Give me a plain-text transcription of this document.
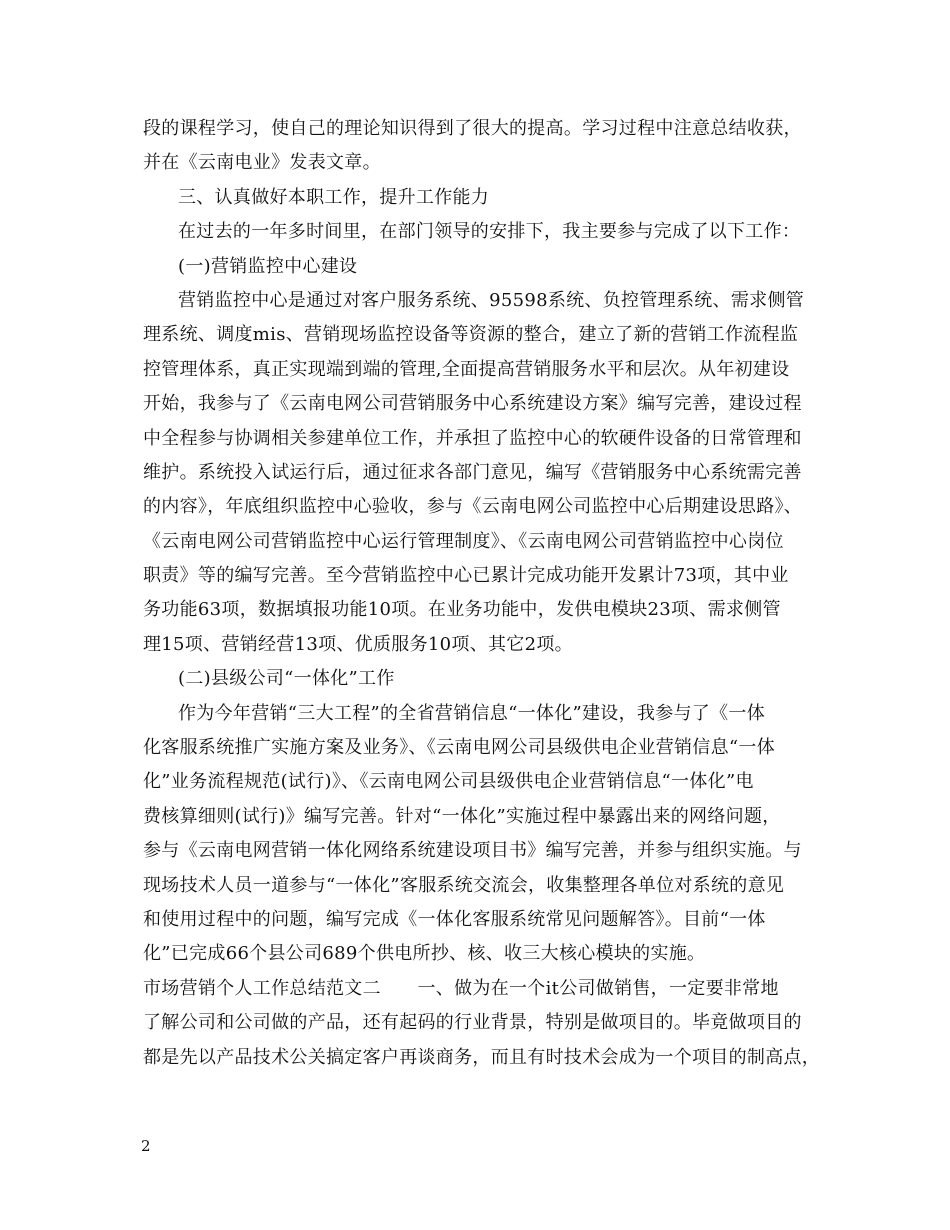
段的课程学习，使自己的理论知识得到了很大的提高。学习过程中注意总结收获，
并在《云南电业》发表文章。
三、认真做好本职工作，提升工作能力
在过去的一年多时间里，在部门领导的安排下，我主要参与完成了以下工作：
(一)营销监控中心建设
营销监控中心是通过对客户服务系统、95598系统、负控管理系统、需求侧管
理系统、调度mis、营销现场监控设备等资源的整合，建立了新的营销工作流程监
控管理体系，真正实现端到端的管理,全面提高营销服务水平和层次。从年初建设
开始，我参与了《云南电网公司营销服务中心系统建设方案》编写完善，建设过程
中全程参与协调相关参建单位工作，并承担了监控中心的软硬件设备的日常管理和
维护。系统投入试运行后，通过征求各部门意见，编写《营销服务中心系统需完善
的内容》，年底组织监控中心验收，参与《云南电网公司监控中心后期建设思路》、
《云南电网公司营销监控中心运行管理制度》、《云南电网公司营销监控中心岗位
职责》等的编写完善。至今营销监控中心已累计完成功能开发累计73项，其中业
务功能63项，数据填报功能10项。在业务功能中，发供电模块23项、需求侧管
理15项、营销经营13项、优质服务10项、其它2项。
(二)县级公司“一体化”工作
作为今年营销“三大工程”的全省营销信息“一体化”建设，我参与了《一体
化客服系统推广实施方案及业务》、《云南电网公司县级供电企业营销信息“一体
化”业务流程规范(试行)》、《云南电网公司县级供电企业营销信息“一体化”电
费核算细则(试行)》编写完善。针对“一体化”实施过程中暴露出来的网络问题，
参与《云南电网营销一体化网络系统建设项目书》编写完善，并参与组织实施。与
现场技术人员一道参与“一体化”客服系统交流会，收集整理各单位对系统的意见
和使用过程中的问题，编写完成《一体化客服系统常见问题解答》。目前“一体
化”已完成66个县公司689个供电所抄、核、收三大核心模块的实施。
市场营销个人工作总结范文二　　一、做为在一个it公司做销售，一定要非常地
了解公司和公司做的产品，还有起码的行业背景，特别是做项目的。毕竟做项目的
都是先以产品技术公关搞定客户再谈商务，而且有时技术会成为一个项目的制高点，
2
